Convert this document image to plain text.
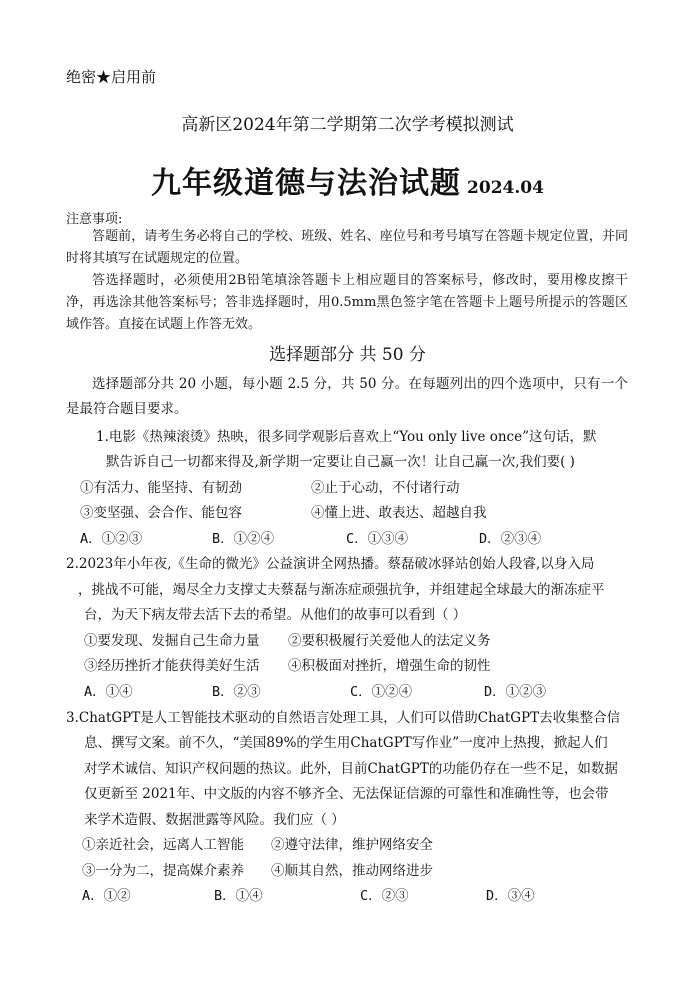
绝密★启用前
高新区2024年第二学期第二次学考模拟测试
九年级道德与法治试题 2024.04
注意事项:

答题前，请考生务必将自己的学校、班级、姓名、座位号和考号填写在答题卡规定位置，并同时将其填写在试题规定的位置。

答选择题时，必须使用2B铅笔填涂答题卡上相应题目的答案标号，修改时，要用橡皮擦干净，再选涂其他答案标号；答非选择题时，用0.5mm黑色签字笔在答题卡上题号所提示的答题区域作答。直接在试题上作答无效。

选择题部分 共 50 分

选择题部分共 20 小题，每小题 2.5 分，共 50 分。在每题列出的四个选项中，只有一个是最符合题目要求。

1.电影《热辣滚烫》热映，很多同学观影后喜欢上“You only live once”这句话，默
默告诉自己一切都来得及,新学期一定要让自己赢一次！让自己赢一次,我们要( )
①有活力、能坚持、有韧劲	②止于心动，不付诸行动
③变坚强、会合作、能包容	④懂上进、敢表达、超越自我
A．①②③	B．①②④	C．①③④	D．②③④
2.2023年小年夜,《生命的微光》公益演讲全网热播。蔡磊破冰驿站创始人段睿,以身入局
，挑战不可能，竭尽全力支撑丈夫蔡磊与渐冻症顽强抗争，并组建起全球最大的渐冻症平
台，为天下病友带去活下去的希望。从他们的故事可以看到（ ）
①要发现、发掘自己生命力量 ②要积极履行关爱他人的法定义务
③经历挫折才能获得美好生活 ④积极面对挫折，增强生命的韧性
A．①④	B．②③	C．①②④	D．①②③
3.ChatGPT是人工智能技术驱动的自然语言处理工具，人们可以借助ChatGPT去收集整合信
息、撰写文案。前不久，“美国89%的学生用ChatGPT写作业”一度冲上热搜，掀起人们
对学术诚信、知识产权问题的热议。此外，目前ChatGPT的功能仍存在一些不足，如数据
仅更新至 2021年、中文版的内容不够齐全、无法保证信源的可靠性和准确性等，也会带
来学术造假、数据泄露等风险。我们应（ ）
①亲近社会，远离人工智能 ②遵守法律，维护网络安全
③一分为二，提高媒介素养 ④顺其自然，推动网络进步
A．①②	B．①④	C．②③	D．③④
